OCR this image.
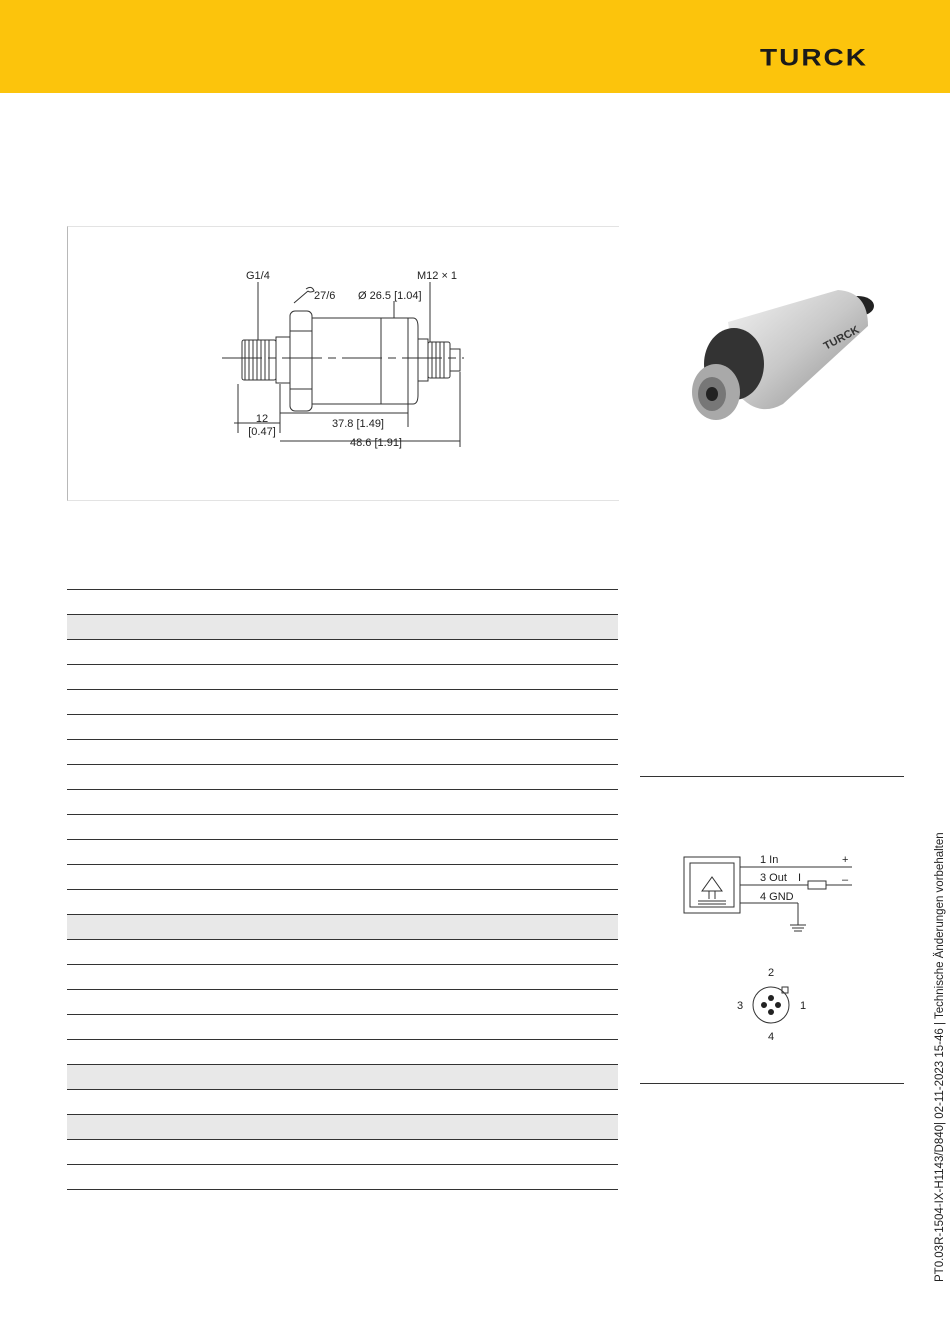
TURCK
G1/4	M12 × 1
27/6 Ø 26.5 [1.04]
12
[0.47]
37.8 [1.49]
48.6 [1.91]
TURCK
1 In
3 Out
4 GND
I
+
–
2
3	1
4	PT0.03R-1504-IX-H1143/D840| 02-11-2023 15-46 | Technische Änderungen vorbehalten
